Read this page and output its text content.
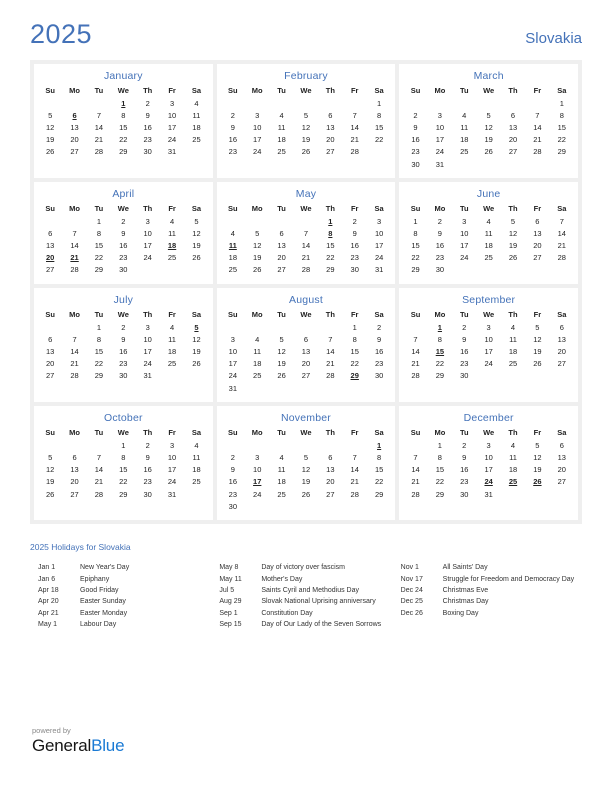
2025	Slovakia
January
Su	Mo	Tu	We	Th	Fr	Sa
			1	2	3	4
5	6	7	8	9	10	11
12	13	14	15	16	17	18
19	20	21	22	23	24	25
26	27	28	29	30	31	
February
Su	Mo	Tu	We	Th	Fr	Sa
						1
2	3	4	5	6	7	8
9	10	11	12	13	14	15
16	17	18	19	20	21	22
23	24	25	26	27	28	
March
Su	Mo	Tu	We	Th	Fr	Sa
						1
2	3	4	5	6	7	8
9	10	11	12	13	14	15
16	17	18	19	20	21	22
23	24	25	26	27	28	29
30	31					
April
Su	Mo	Tu	We	Th	Fr	Sa
		1	2	3	4	5
6	7	8	9	10	11	12
13	14	15	16	17	18	19
20	21	22	23	24	25	26
27	28	29	30			
May
Su	Mo	Tu	We	Th	Fr	Sa
				1	2	3
4	5	6	7	8	9	10
11	12	13	14	15	16	17
18	19	20	21	22	23	24
25	26	27	28	29	30	31
June
Su	Mo	Tu	We	Th	Fr	Sa
1	2	3	4	5	6	7
8	9	10	11	12	13	14
15	16	17	18	19	20	21
22	23	24	25	26	27	28
29	30					
July
Su	Mo	Tu	We	Th	Fr	Sa
		1	2	3	4	5
6	7	8	9	10	11	12
13	14	15	16	17	18	19
20	21	22	23	24	25	26
27	28	29	30	31		
August
Su	Mo	Tu	We	Th	Fr	Sa
					1	2
3	4	5	6	7	8	9
10	11	12	13	14	15	16
17	18	19	20	21	22	23
24	25	26	27	28	29	30
31						
September
Su	Mo	Tu	We	Th	Fr	Sa
	1	2	3	4	5	6
7	8	9	10	11	12	13
14	15	16	17	18	19	20
21	22	23	24	25	26	27
28	29	30				
October
Su	Mo	Tu	We	Th	Fr	Sa
			1	2	3	4
5	6	7	8	9	10	11
12	13	14	15	16	17	18
19	20	21	22	23	24	25
26	27	28	29	30	31	
November
Su	Mo	Tu	We	Th	Fr	Sa
						1
2	3	4	5	6	7	8
9	10	11	12	13	14	15
16	17	18	19	20	21	22
23	24	25	26	27	28	29
30						
December
Su	Mo	Tu	We	Th	Fr	Sa
	1	2	3	4	5	6
7	8	9	10	11	12	13
14	15	16	17	18	19	20
21	22	23	24	25	26	27
28	29	30	31			
2025 Holidays for Slovakia
Jan 1	New Year's Day
Jan 6	Epiphany
Apr 18	Good Friday
Apr 20	Easter Sunday
Apr 21	Easter Monday
May 1	Labour Day
May 8	Day of victory over fascism
May 11	Mother's Day
Jul 5	Saints Cyril and Methodius Day
Aug 29	Slovak National Uprising anniversary
Sep 1	Constitution Day
Sep 15	Day of Our Lady of the Seven Sorrows
Nov 1	All Saints' Day
Nov 17	Struggle for Freedom and Democracy Day
Dec 24	Christmas Eve
Dec 25	Christmas Day
Dec 26	Boxing Day
powered by
GeneralBlue
